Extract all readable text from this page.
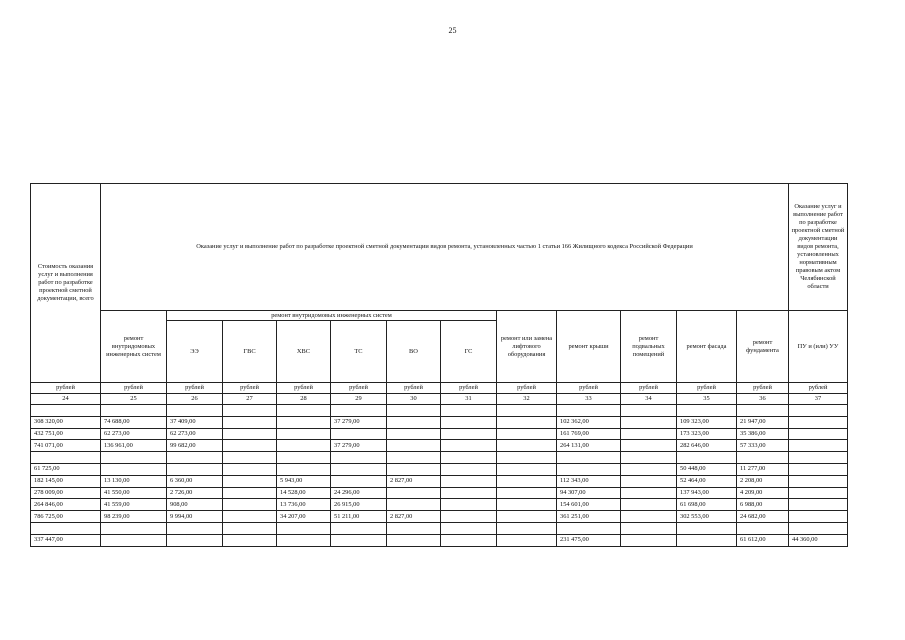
25
Стоимость оказания услуг и выполнения работ по разработке проектной сметной документации, всего	Оказание услуг и выполнение работ по разработке проектной сметной документации видов ремонта, установленных частью 1 статьи 166 Жилищного кодекса Российской Федерации												Оказание услуг и выполнение работ по разработке проектной сметной документации видов ремонта, установленных нормативным правовым актом Челябинской области
	ремонт внутридомовых инженерных систем	ремонт внутридомовых инженерных систем						ремонт или замена лифтового оборудования	ремонт крыши	ремонт подвальных помещений	ремонт фасада	ремонт фундамента	ПУ и (или) УУ
		ЭЭ	ГВС	ХВС	ТС	ВО	ГС						
рублей	рублей	рублей	рублей	рублей	рублей	рублей	рублей	рублей	рублей	рублей	рублей	рублей	рублей
24	25	26	27	28	29	30	31	32	33	34	35	36	37

308 320,00	74 688,00	37 409,00			37 279,00				102 362,00		109 323,00	21 947,00	
432 751,00	62 273,00	62 273,00							161 769,00		173 323,00	35 386,00	
741 071,00	136 961,00	99 682,00			37 279,00				264 131,00		282 646,00	57 333,00	

61 725,00											50 448,00	11 277,00	
182 145,00	13 130,00	6 360,00		5 943,00		2 827,00			112 343,00		52 464,00	2 208,00	
278 009,00	41 550,00	2 726,00		14 528,00	24 296,00				94 307,00		137 943,00	4 209,00	
264 846,00	41 559,00	908,00		13 736,00	26 915,00				154 601,00		61 698,00	6 988,00	
786 725,00	98 239,00	9 994,00		34 207,00	51 211,00	2 827,00			361 251,00		302 553,00	24 682,00	

337 447,00									231 475,00			61 612,00	44 360,00
